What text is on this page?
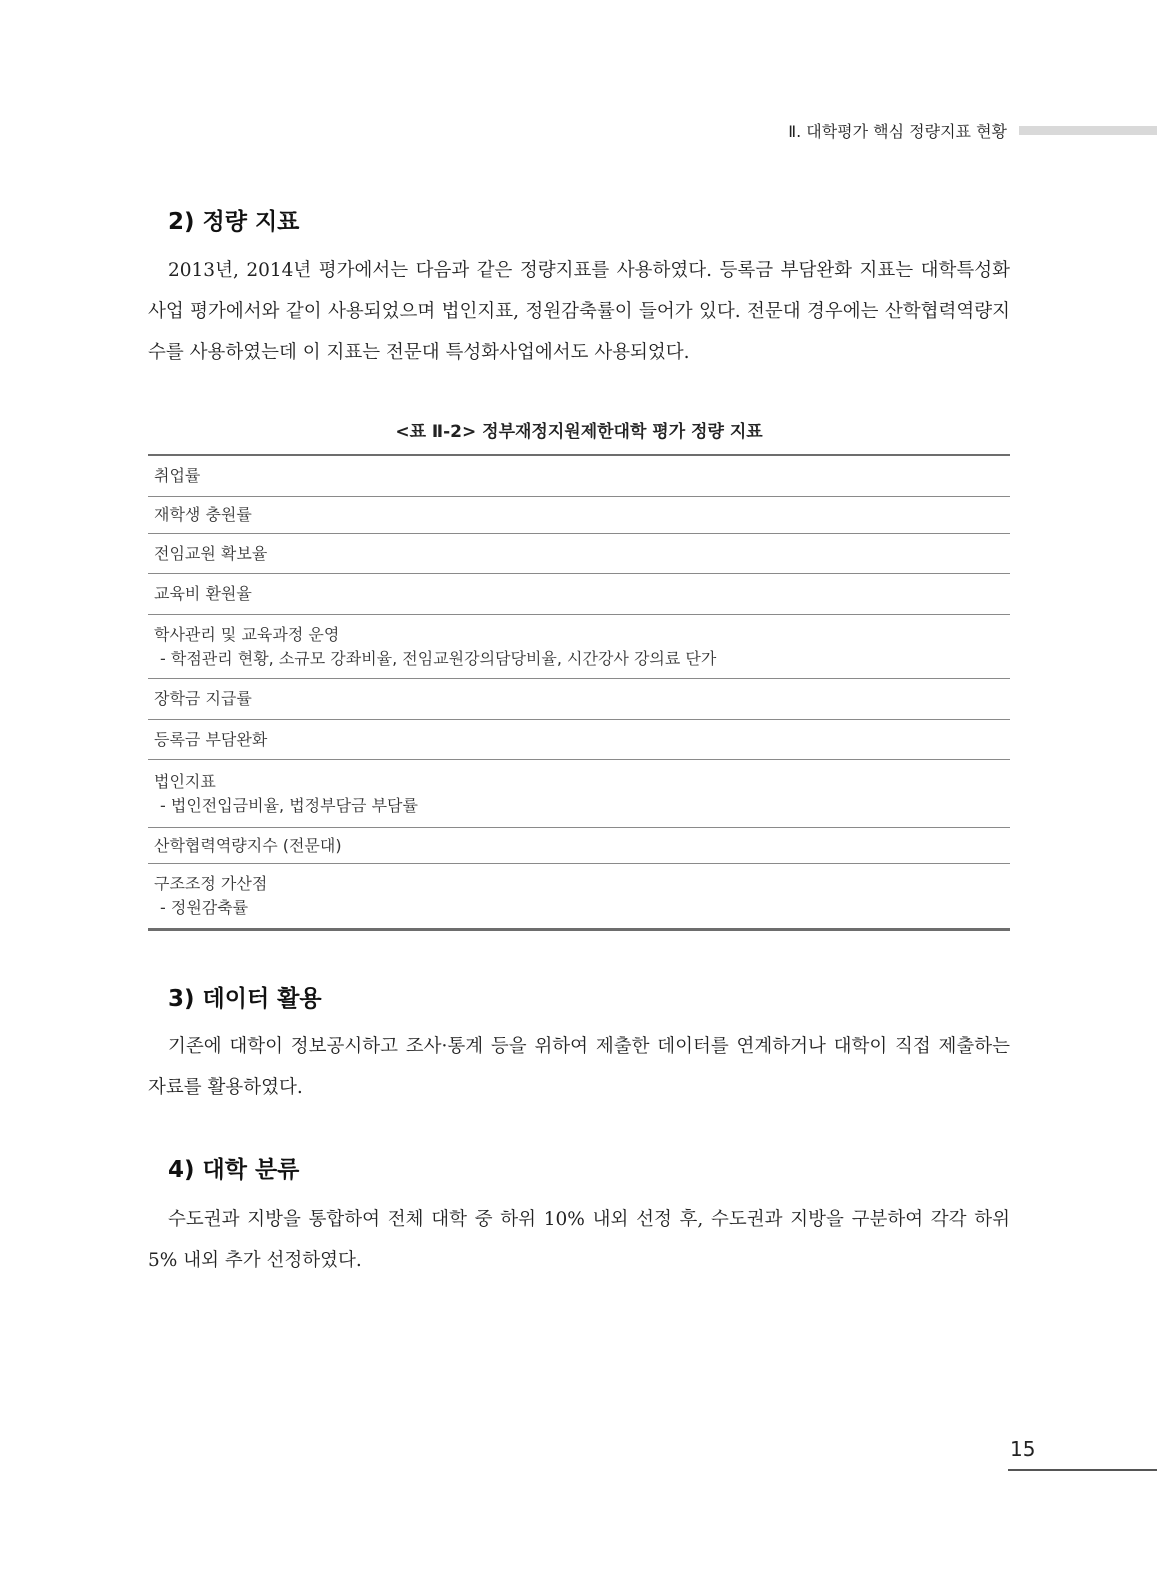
Ⅱ. 대학평가 핵심 정량지표 현황
2) 정량 지표

2013년, 2014년 평가에서는 다음과 같은 정량지표를 사용하였다. 등록금 부담완화 지표는 대학특성화 사업 평가에서와 같이 사용되었으며 법인지표, 정원감축률이 들어가 있다. 전문대 경우에는 산학협력역량지수를 사용하였는데 이 지표는 전문대 특성화사업에서도 사용되었다.

<표 Ⅱ-2> 정부재정지원제한대학 평가 정량 지표
취업률
재학생 충원률
전임교원 확보율
교육비 환원율
학사관리 및 교육과정 운영
- 학점관리 현황, 소규모 강좌비율, 전임교원강의담당비율, 시간강사 강의료 단가
장학금 지급률
등록금 부담완화
법인지표
- 법인전입금비율, 법정부담금 부담률
산학협력역량지수 (전문대)
구조조정 가산점
- 정원감축률
3) 데이터 활용

기존에 대학이 정보공시하고 조사·통계 등을 위하여 제출한 데이터를 연계하거나 대학이 직접 제출하는 자료를 활용하였다.

4) 대학 분류

수도권과 지방을 통합하여 전체 대학 중 하위 10% 내외 선정 후, 수도권과 지방을 구분하여 각각 하위 5% 내외 추가 선정하였다.

15
